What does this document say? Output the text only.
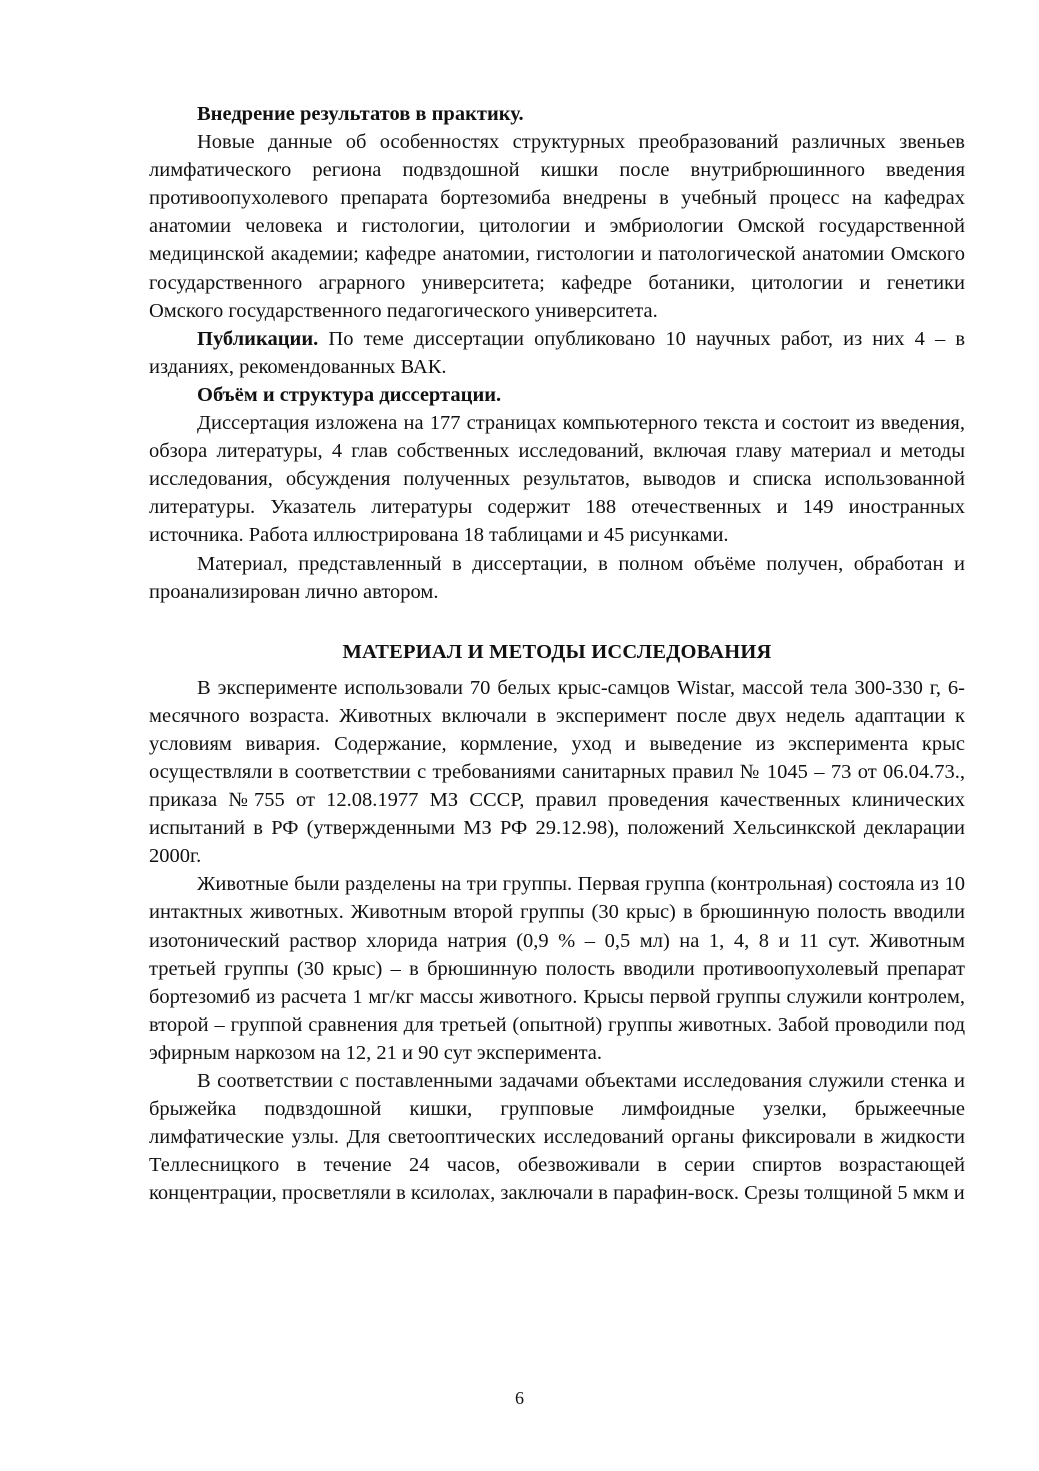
Внедрение результатов в практику.

Новые данные об особенностях структурных преобразований различных звеньев лимфатического региона подвздошной кишки после внутрибрюшинного введения противоопухолевого препарата бортезомиба внедрены в учебный процесс на кафедрах анатомии человека и гистологии, цитологии и эмбриологии Омской государственной медицинской академии; кафедре анатомии, гистологии и патологической анатомии Омского государственного аграрного университета; кафедре ботаники, цитологии и генетики Омского государственного педагогического университета.

Публикации. По теме диссертации опубликовано 10 научных работ, из них 4 – в изданиях, рекомендованных ВАК.

Объём и структура диссертации.

Диссертация изложена на 177 страницах компьютерного текста и состоит из введения, обзора литературы, 4 глав собственных исследований, включая главу материал и методы исследования, обсуждения полученных результатов, выводов и списка использованной литературы. Указатель литературы содержит 188 отечественных и 149 иностранных источника. Работа иллюстрирована 18 таблицами и 45 рисунками.

Материал, представленный в диссертации, в полном объёме получен, обработан и проанализирован лично автором.

МАТЕРИАЛ И МЕТОДЫ ИССЛЕДОВАНИЯ

В эксперименте использовали 70 белых крыс-самцов Wistar, массой тела 300-330 г, 6-месячного возраста. Животных включали в эксперимент после двух недель адаптации к условиям вивария. Содержание, кормление, уход и выведение из эксперимента крыс осуществляли в соответствии с требованиями санитарных правил № 1045 – 73 от 06.04.73., приказа №755 от 12.08.1977 МЗ СССР, правил проведения качественных клинических испытаний в РФ (утвержденными МЗ РФ 29.12.98), положений Хельсинкской декларации 2000г.

Животные были разделены на три группы. Первая группа (контрольная) состояла из 10 интактных животных. Животным второй группы (30 крыс) в брюшинную полость вводили изотонический раствор хлорида натрия (0,9 % – 0,5 мл) на 1, 4, 8 и 11 сут. Животным третьей группы (30 крыс) – в брюшинную полость вводили противоопухолевый препарат бортезомиб из расчета 1 мг/кг массы животного. Крысы первой группы служили контролем, второй – группой сравнения для третьей (опытной) группы животных. Забой проводили под эфирным наркозом на 12, 21 и 90 сут эксперимента.

В соответствии с поставленными задачами объектами исследования служили стенка и брыжейка подвздошной кишки, групповые лимфоидные узелки, брыжеечные лимфатические узлы. Для светооптических исследований органы фиксировали в жидкости Теллесницкого в течение 24 часов, обезвоживали в серии спиртов возрастающей концентрации, просветляли в ксилолах, заключали в парафин-воск. Срезы толщиной 5 мкм и

6
